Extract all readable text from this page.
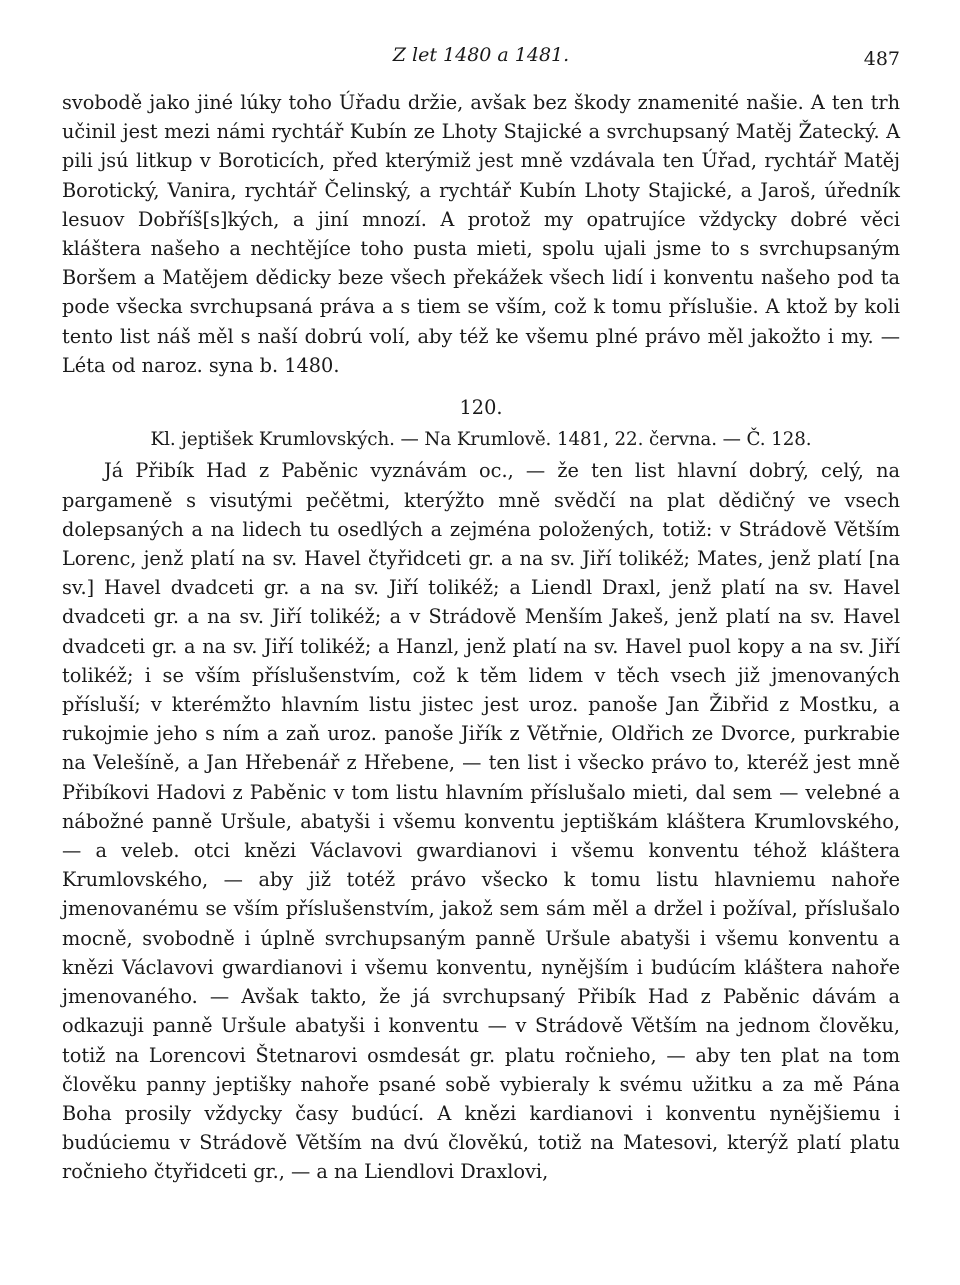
Z let 1480 a 1481.	487

svobodě jako jiné lúky toho Úřadu držie, avšak bez škody znamenité našie. A ten trh učinil jest mezi námi rychtář Kubín ze Lhoty Stajické a svrchupsaný Matěj Žatecký. A pili jsú litkup v Boroticích, před kterýmiž jest mně vzdávala ten Úřad, rychtář Matěj Borotický, Vanira, rychtář Čelinský, a rychtář Kubín Lhoty Stajické, a Jaroš, úředník lesuov Dobříš[s]kých, a jiní mnozí. A protož my opatrujíce vždycky dobré věci kláštera našeho a nechtějíce toho pusta mieti, spolu ujali jsme to s svrchupsaným Boršem a Matějem dědicky beze všech překážek všech lidí i konventu našeho pod ta pode všecka svrchupsaná práva a s tiem se vším, což k tomu příslušie. A ktož by koli tento list náš měl s naší dobrú volí, aby též ke všemu plné právo měl jakožto i my. — Léta od naroz. syna b. 1480.

120.
Kl. jeptišek Krumlovských. — Na Krumlově. 1481, 22. června. — Č. 128.

Já Přibík Had z Paběnic vyznávám oc., — že ten list hlavní dobrý, celý, na pargameně s visutými pečětmi, kterýžto mně svědčí na plat dědičný ve vsech dolepsaných a na lidech tu osedlých a zejména položených, totiž: v Strádově Větším Lorenc, jenž platí na sv. Havel čtyřidceti gr. a na sv. Jiří tolikéž; Mates, jenž platí [na sv.] Havel dvadceti gr. a na sv. Jiří tolikéž; a Liendl Draxl, jenž platí na sv. Havel dvadceti gr. a na sv. Jiří tolikéž; a v Strádově Menším Jakeš, jenž platí na sv. Havel dvadceti gr. a na sv. Jiří tolikéž; a Hanzl, jenž platí na sv. Havel puol kopy a na sv. Jiří tolikéž; i se vším příslušenstvím, což k těm lidem v těch vsech již jmenovaných přísluší; v kterémžto hlavním listu jistec jest uroz. panoše Jan Žibřid z Mostku, a rukojmie jeho s ním a zaň uroz. panoše Jiřík z Větřnie, Oldřich ze Dvorce, purkrabie na Velešíně, a Jan Hřebenář z Hřebene, — ten list i všecko právo to, kteréž jest mně Přibíkovi Hadovi z Paběnic v tom listu hlavním příslušalo mieti, dal sem — velebné a nábožné panně Uršule, abatyši i všemu konventu jeptiškám kláštera Krumlovského, — a veleb. otci knězi Václavovi gwardianovi i všemu konventu téhož kláštera Krumlovského, — aby již totéž právo všecko k tomu listu hlavniemu nahoře jmenovanému se vším příslušenstvím, jakož sem sám měl a držel i požíval, příslušalo mocně, svobodně i úplně svrchupsaným panně Uršule abatyši i všemu konventu a knězi Václavovi gwardianovi i všemu konventu, nynějším i budúcím kláštera nahoře jmenovaného. — Avšak takto, že já svrchupsaný Přibík Had z Paběnic dávám a odkazuji panně Uršule abatyši i konventu — v Strádově Větším na jednom člověku, totiž na Lorencovi Štetnarovi osmdesát gr. platu ročnieho, — aby ten plat na tom člověku panny jeptišky nahoře psané sobě vybieraly k svému užitku a za mě Pána Boha prosily vždycky časy budúcí. A knězi kardianovi i konventu nynějšiemu i budúciemu v Strádově Větším na dvú člověkú, totiž na Matesovi, kterýž platí platu ročnieho čtyřidceti gr., — a na Liendlovi Draxlovi,
